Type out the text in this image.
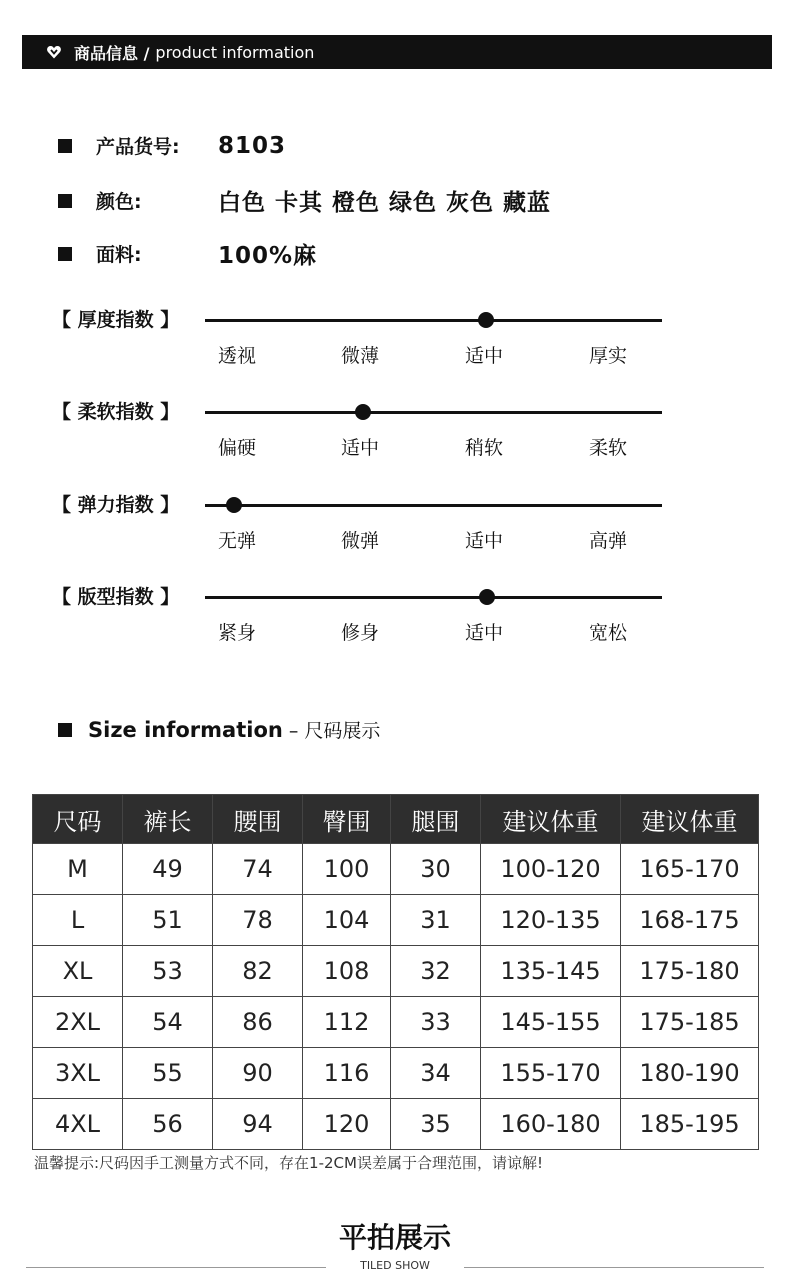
商品信息 / product information
产品货号:	8103
颜色:	白色 卡其 橙色 绿色 灰色 藏蓝
面料:	100%麻
【 厚度指数 】
透视	微薄	适中	厚实
【 柔软指数 】
偏硬	适中	稍软	柔软
【 弹力指数 】
无弹	微弹	适中	高弹
【 版型指数 】
紧身	修身	适中	宽松
Size information – 尺码展示
尺码	裤长	腰围	臀围	腿围	建议体重	建议体重
M	49	74	100	30	100-120	165-170
L	51	78	104	31	120-135	168-175
XL	53	82	108	32	135-145	175-180
2XL	54	86	112	33	145-155	175-185
3XL	55	90	116	34	155-170	180-190
4XL	56	94	120	35	160-180	185-195
温馨提示:尺码因手工测量方式不同，存在1-2CM误差属于合理范围，请谅解!
平拍展示
TILED SHOW
